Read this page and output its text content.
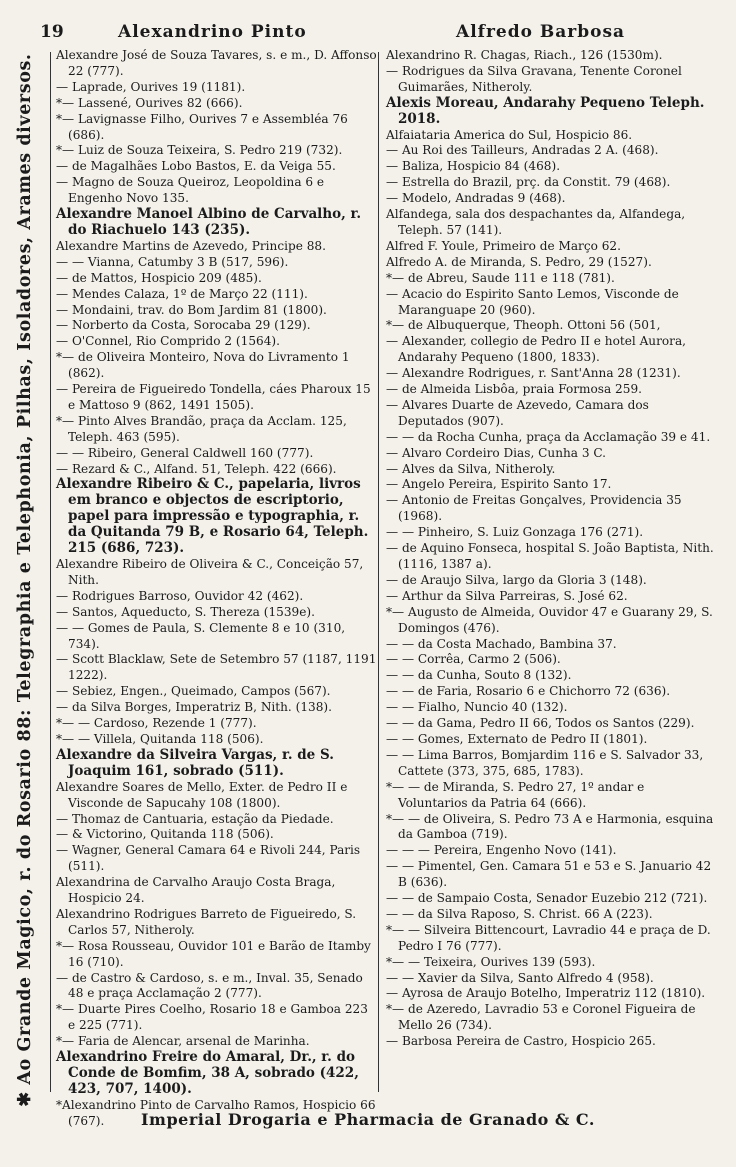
19	Alexandrino Pinto	Alfredo Barbosa
✱ Ao Grande Magico, r. do Rosario 88: Telegraphia e Telephonia, Pilhas, Isoladores, Arames diversos. Alexandre José de Souza Tavares, s. e m., D. Affonso 22 (777).

— Laprade, Ourives 19 (1181).

*— Lassené, Ourives 82 (666).

*— Lavignasse Filho, Ourives 7 e Assembléa 76 (686).

*— Luiz de Souza Teixeira, S. Pedro 219 (732).

— de Magalhães Lobo Bastos, E. da Veiga 55.

— Magno de Souza Queiroz, Leopoldina 6 e Engenho Novo 135.

Alexandre Manoel Albino de Carvalho, r. do Riachuelo 143 (235).

Alexandre Martins de Azevedo, Principe 88.

— — Vianna, Catumby 3 B (517, 596).

— de Mattos, Hospicio 209 (485).

— Mendes Calaza, 1º de Março 22 (111).

— Mondaini, trav. do Bom Jardim 81 (1800).

— Norberto da Costa, Sorocaba 29 (129).

— O'Connel, Rio Comprido 2 (1564).

*— de Oliveira Monteiro, Nova do Livramento 1 (862).

— Pereira de Figueiredo Tondella, cáes Pharoux 15 e Mattoso 9 (862, 1491 1505).

*— Pinto Alves Brandão, praça da Acclam. 125, Teleph. 463 (595).

— — Ribeiro, General Caldwell 160 (777).

— Rezard & C., Alfand. 51, Teleph. 422 (666).

Alexandre Ribeiro & C., papelaria, livros em branco e objectos de escriptorio, papel para impressão e typographia, r. da Quitanda 79 B, e Rosario 64, Teleph. 215 (686, 723).

Alexandre Ribeiro de Oliveira & C., Conceição 57, Nith.

— Rodrigues Barroso, Ouvidor 42 (462).

— Santos, Aqueducto, S. Thereza (1539e).

— — Gomes de Paula, S. Clemente 8 e 10 (310, 734).

— Scott Blacklaw, Sete de Setembro 57 (1187, 1191 1222).

— Sebiez, Engen., Queimado, Campos (567).

— da Silva Borges, Imperatriz B, Nith. (138).

*— — Cardoso, Rezende 1 (777).

*— — Villela, Quitanda 118 (506).

Alexandre da Silveira Vargas, r. de S. Joaquim 161, sobrado (511).

Alexandre Soares de Mello, Exter. de Pedro II e Visconde de Sapucahy 108 (1800).

— Thomaz de Cantuaria, estação da Piedade.

— & Victorino, Quitanda 118 (506).

— Wagner, General Camara 64 e Rivoli 244, Paris (511).

Alexandrina de Carvalho Araujo Costa Braga, Hospicio 24.

Alexandrino Rodrigues Barreto de Figueiredo, S. Carlos 57, Nitheroly.

*— Rosa Rousseau, Ouvidor 101 e Barão de Itamby 16 (710).

— de Castro & Cardoso, s. e m., Inval. 35, Senado 48 e praça Acclamação 2 (777).

*— Duarte Pires Coelho, Rosario 18 e Gamboa 223 e 225 (771).

*— Faria de Alencar, arsenal de Marinha.

Alexandrino Freire do Amaral, Dr., r. do Conde de Bomfim, 38 A, sobrado (422, 423, 707, 1400).

*Alexandrino Pinto de Carvalho Ramos, Hospicio 66 (767).

Alexandrino R. Chagas, Riach., 126 (1530m).

— Rodrigues da Silva Gravana, Tenente Coronel Guimarães, Nitheroly.

Alexis Moreau, Andarahy Pequeno Teleph. 2018.

Alfaiataria America do Sul, Hospicio 86.

— Au Roi des Tailleurs, Andradas 2 A. (468).

— Baliza, Hospicio 84 (468).

— Estrella do Brazil, prç. da Constit. 79 (468).

— Modelo, Andradas 9 (468).

Alfandega, sala dos despachantes da, Alfandega, Teleph. 57 (141).

Alfred F. Youle, Primeiro de Março 62.

Alfredo A. de Miranda, S. Pedro, 29 (1527).

*— de Abreu, Saude 111 e 118 (781).

— Acacio do Espirito Santo Lemos, Visconde de Maranguape 20 (960).

*— de Albuquerque, Theoph. Ottoni 56 (501,

— Alexander, collegio de Pedro II e hotel Aurora, Andarahy Pequeno (1800, 1833).

— Alexandre Rodrigues, r. Sant'Anna 28 (1231).

— de Almeida Lisbôa, praia Formosa 259.

— Alvares Duarte de Azevedo, Camara dos Deputados (907).

— — da Rocha Cunha, praça da Acclamação 39 e 41.

— Alvaro Cordeiro Dias, Cunha 3 C.

— Alves da Silva, Nitheroly.

— Angelo Pereira, Espirito Santo 17.

— Antonio de Freitas Gonçalves, Providencia 35 (1968).

— — Pinheiro, S. Luiz Gonzaga 176 (271).

— de Aquino Fonseca, hospital S. João Baptista, Nith. (1116, 1387 a).

— de Araujo Silva, largo da Gloria 3 (148).

— Arthur da Silva Parreiras, S. José 62.

*— Augusto de Almeida, Ouvidor 47 e Guarany 29, S. Domingos (476).

— — da Costa Machado, Bambina 37.

— — Corrêa, Carmo 2 (506).

— — da Cunha, Souto 8 (132).

— — de Faria, Rosario 6 e Chichorro 72 (636).

— — Fialho, Nuncio 40 (132).

— — da Gama, Pedro II 66, Todos os Santos (229).

— — Gomes, Externato de Pedro II (1801).

— — Lima Barros, Bomjardim 116 e S. Salvador 33, Cattete (373, 375, 685, 1783).

*— — de Miranda, S. Pedro 27, 1º andar e Voluntarios da Patria 64 (666).

*— — de Oliveira, S. Pedro 73 A e Harmonia, esquina da Gamboa (719).

— — — Pereira, Engenho Novo (141).

— — Pimentel, Gen. Camara 51 e 53 e S. Januario 42 B (636).

— — de Sampaio Costa, Senador Euzebio 212 (721).

— — da Silva Raposo, S. Christ. 66 A (223).

*— — Silveira Bittencourt, Lavradio 44 e praça de D. Pedro I 76 (777).

*— — Teixeira, Ourives 139 (593).

— — Xavier da Silva, Santo Alfredo 4 (958).

— Ayrosa de Araujo Botelho, Imperatriz 112 (1810).

*— de Azeredo, Lavradio 53 e Coronel Figueira de Mello 26 (734).

— Barbosa Pereira de Castro, Hospicio 265.

Imperial Drogaria e Pharmacia de Granado & C.
